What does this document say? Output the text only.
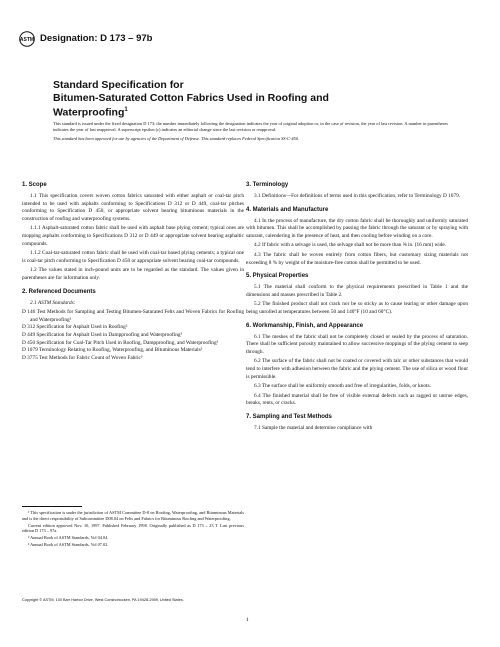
ASTM Designation: D 173 – 97b
Standard Specification for
Bitumen-Saturated Cotton Fabrics Used in Roofing and
Waterproofing$^1$

This standard is issued under the fixed designation D 173; the number immediately following the designation indicates the year of original adoption or, in the case of revision, the year of last revision. A number in parentheses indicates the year of last reapproval. A superscript epsilon (ε) indicates an editorial change since the last revision or reapproval.

This standard has been approved for use by agencies of the Department of Defense. This standard replaces Federal Specification SS-C-450.

1. Scope

1.1 This specification covers woven cotton fabrics saturated with either asphalt or coal-tar pitch intended to be used with asphalts conforming to Specifications D 312 or D 449, coal-tar pitches conforming to Specification D 450, or appropriate solvent bearing bituminous materials in the construction of roofing and waterproofing systems.

1.1.1 Asphalt-saturated cotton fabric shall be used with asphalt base plying cement; typical ones are mopping asphalts conforming to Specifications D 312 or D 449 or appropriate solvent bearing asphaltic compounds.

1.1.2 Coal-tar-saturated cotton fabric shall be used with coal-tar based plying cements; a typical one is coal-tar pitch conforming to Specification D 450 or appropriate solvent bearing coal-tar compounds.

1.2 The values stated in inch-pound units are to be regarded as the standard. The values given in parentheses are for information only.

2. Referenced Documents

2.1 ASTM Standards:

D 146 Test Methods for Sampling and Testing Bitumen-Saturated Felts and Woven Fabrics for Roofing and Waterproofing²

D 312 Specification for Asphalt Used in Roofing²

D 449 Specification for Asphalt Used in Dampproofing and Waterproofing²

D 450 Specification for Coal-Tar Pitch Used in Roofing, Dampproofing, and Waterproofing²

D 1079 Terminology Relating to Roofing, Waterproofing, and Bituminous Materials²

D 3775 Test Methods for Fabric Count of Woven Fabric³

¹ This specification is under the jurisdiction of ASTM Committee D-8 on Roofing, Waterproofing, and Bituminous Materials and is the direct responsibility of Subcommittee D08.04 on Felts and Fabrics for Bituminous Roofing and Waterproofing.

Current edition approved Nov. 10, 1997. Published February 1998. Originally published as D 173 – 23 T. Last previous edition D 173 – 97a.

² Annual Book of ASTM Standards, Vol 04.04.

³ Annual Book of ASTM Standards, Vol 07.02.

3. Terminology

3.1 Definitions—For definitions of terms used in this specification, refer to Terminology D 1079.

4. Materials and Manufacture

4.1 In the process of manufacture, the dry cotton fabric shall be thoroughly and uniformly saturated with bitumen. This shall be accomplished by passing the fabric through the saturant or by spraying with saturant, calendering in the presence of heat, and then cooling before winding on a core.

4.2 If fabric with a selvage is used, the selvage shall not be more than ⅝ in. (16 mm) wide.

4.3 The fabric shall be woven entirely from cotton fibers, but customary sizing materials not exceeding 8 % by weight of the moisture-free cotton shall be permitted to be used.

5. Physical Properties

5.1 The material shall conform to the physical requirements prescribed in Table 1 and the dimensions and masses prescribed in Table 2.

5.2 The finished product shall not crack nor be so sticky as to cause tearing or other damage upon being unrolled at temperatures between 50 and 140°F (10 and 60°C).

6. Workmanship, Finish, and Appearance

6.1 The meshes of the fabric shall not be completely closed or sealed by the process of saturation. There shall be sufficient porosity maintained to allow successive moppings of the plying cement to seep through.

6.2 The surface of the fabric shall not be coated or covered with talc or other substances that would tend to interfere with adhesion between the fabric and the plying cement. The use of silica or wood flour is permissible.

6.3 The surface shall be uniformly smooth and free of irregularities, folds, or knots.

6.4 The finished material shall be free of visible external defects such as ragged or untrue edges, breaks, rents, or cracks.

7. Sampling and Test Methods

7.1 Sample the material and determine compliance with

Copyright © ASTM, 100 Barr Harbor Drive, West Conshohocken, PA 19428-2959, United States.
1
